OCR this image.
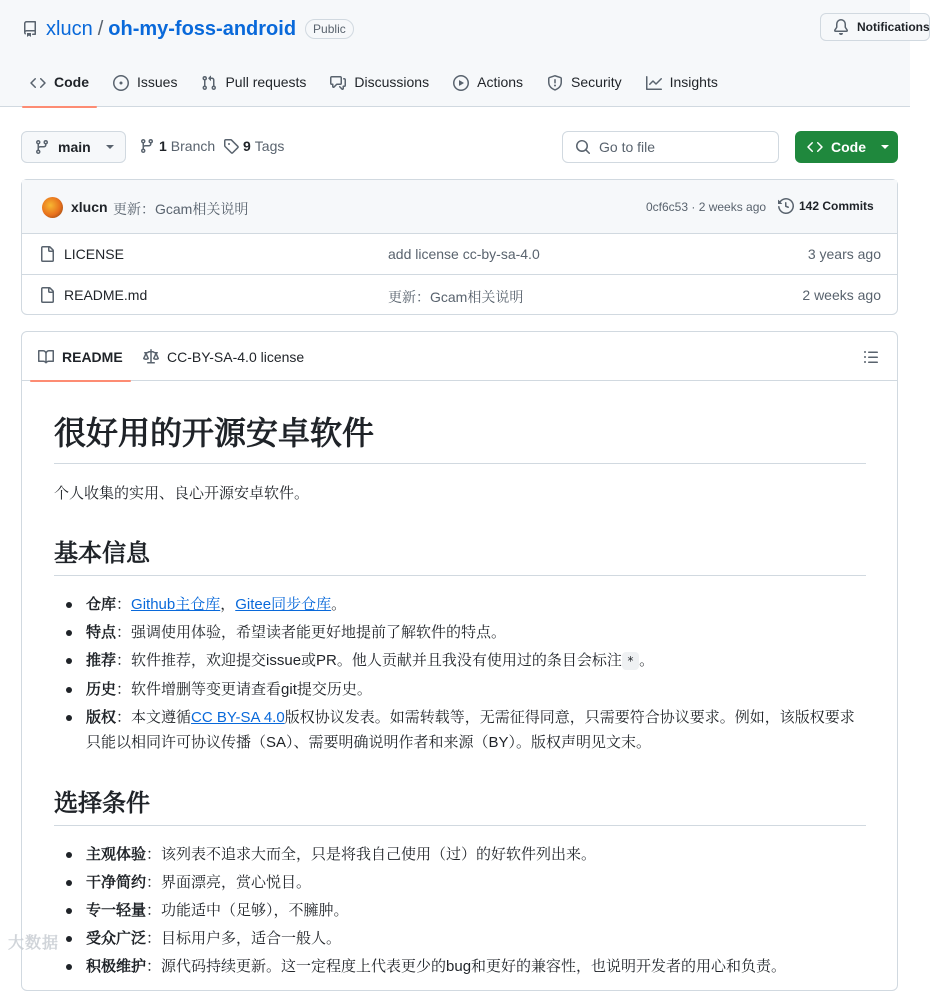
xlucn / oh-my-foss-android	Public	Notifications
Code	Issues	Pull requests	Discussions	Actions	Security	Insights
main	1 Branch 9 Tags	Go to file	Code
xlucn 更新：Gcam相关说明	0cf6c53 · 2 weeks ago	142 Commits
LICENSE	add license cc-by-sa-4.0	3 years ago
README.md	更新：Gcam相关说明	2 weeks ago
README	CC-BY-SA-4.0 license
很好用的开源安卓软件

个人收集的实用、良心开源安卓软件。

基本信息
仓库：Github主仓库，Gitee同步仓库。
特点：强调使用体验，希望读者能更好地提前了解软件的特点。
推荐：软件推荐，欢迎提交issue或PR。他人贡献并且我没有使用过的条目会标注 * 。
历史：软件增删等变更请查看git提交历史。
版权：本文遵循CC BY-SA 4.0版权协议发表。如需转载等，无需征得同意，只需要符合协议要求。例如，该版权要求只能以相同许可协议传播（SA）、需要明确说明作者和来源（BY）。版权声明见文末。
选择条件
主观体验：该列表不追求大而全，只是将我自己使用（过）的好软件列出来。
干净简约：界面漂亮，赏心悦目。
专一轻量：功能适中（足够），不臃肿。
受众广泛：目标用户多，适合一般人。
积极维护：源代码持续更新。这一定程度上代表更少的bug和更好的兼容性，也说明开发者的用心和负责。
大数据
